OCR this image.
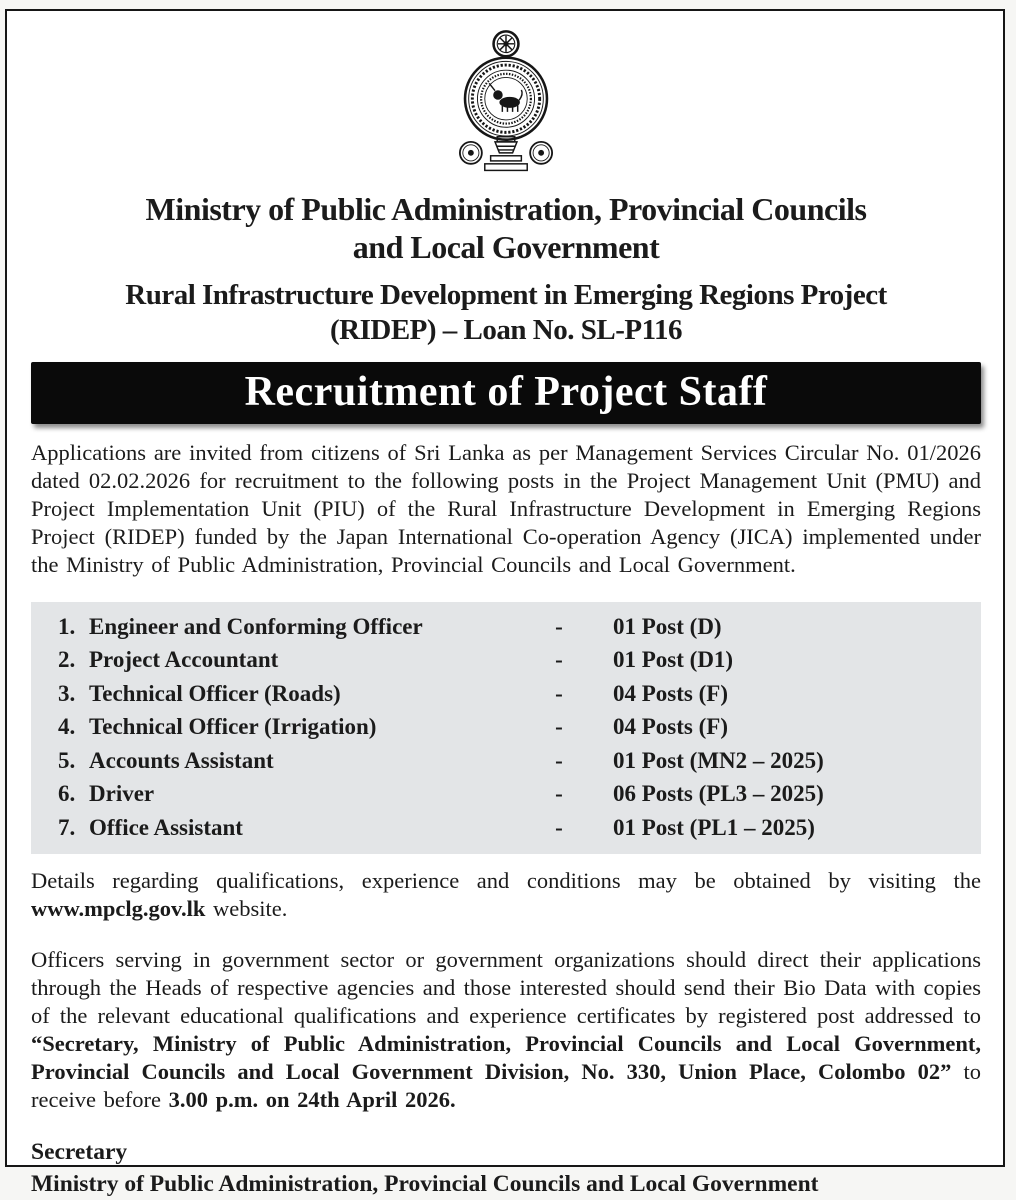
Ministry of Public Administration, Provincial Councils
and Local Government
Rural Infrastructure Development in Emerging Regions Project
(RIDEP) – Loan No. SL-P116
Recruitment of Project Staff

Applications are invited from citizens of Sri Lanka as per Management Services Circular No. 01/2026 dated 02.02.2026 for recruitment to the following posts in the Project Management Unit (PMU) and Project Implementation Unit (PIU) of the Rural Infrastructure Development in Emerging Regions Project (RIDEP) funded by the Japan International Co-operation Agency (JICA) implemented under the Ministry of Public Administration, Provincial Councils and Local Government.

1. Engineer and Conforming Officer	-	01 Post (D)
2. Project Accountant	-	01 Post (D1)
3. Technical Officer (Roads)	-	04 Posts (F)
4. Technical Officer (Irrigation)	-	04 Posts (F)
5. Accounts Assistant	-	01 Post (MN2 – 2025)
6. Driver	-	06 Posts (PL3 – 2025)
7. Office Assistant	-	01 Post (PL1 – 2025)

Details regarding qualifications, experience and conditions may be obtained by visiting the www.mpclg.gov.lk website.

Officers serving in government sector or government organizations should direct their applications through the Heads of respective agencies and those interested should send their Bio Data with copies of the relevant educational qualifications and experience certificates by registered post addressed to “Secretary, Ministry of Public Administration, Provincial Councils and Local Government, Provincial Councils and Local Government Division, No. 330, Union Place, Colombo 02” to receive before 3.00 p.m. on 24th April 2026.

Secretary
Ministry of Public Administration, Provincial Councils and Local Government
